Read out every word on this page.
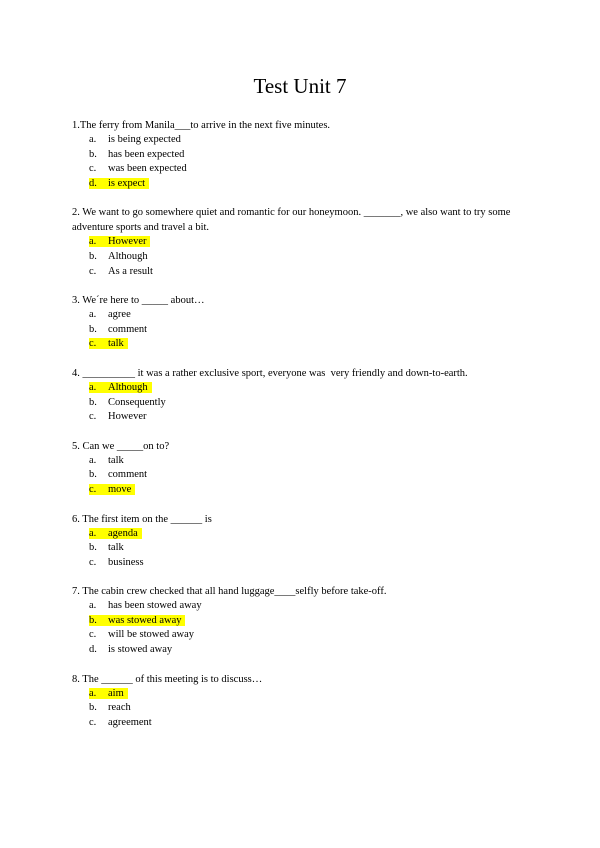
Test Unit 7
1.The ferry from Manila___to arrive in the next five minutes.
a. is being expected
b. has been expected
c. was been expected
d. is expect
2. We want to go somewhere quiet and romantic for our honeymoon. _______, we also want to try some adventure sports and travel a bit.
a. However
b. Although
c. As a result
3. We´re here to _____ about…
a. agree
b. comment
c. talk
4. __________ it was a rather exclusive sport, everyone was  very friendly and down-to-earth.
a. Although
b. Consequently
c. However
5. Can we _____on to?
a. talk
b. comment
c. move
6. The first item on the ______ is
a. agenda
b. talk
c. business
7. The cabin crew checked that all hand luggage____selfly before take-off.
a. has been stowed away
b. was stowed away
c. will be stowed away
d. is stowed away
8. The ______ of this meeting is to discuss…
a. aim
b. reach
c. agreement
